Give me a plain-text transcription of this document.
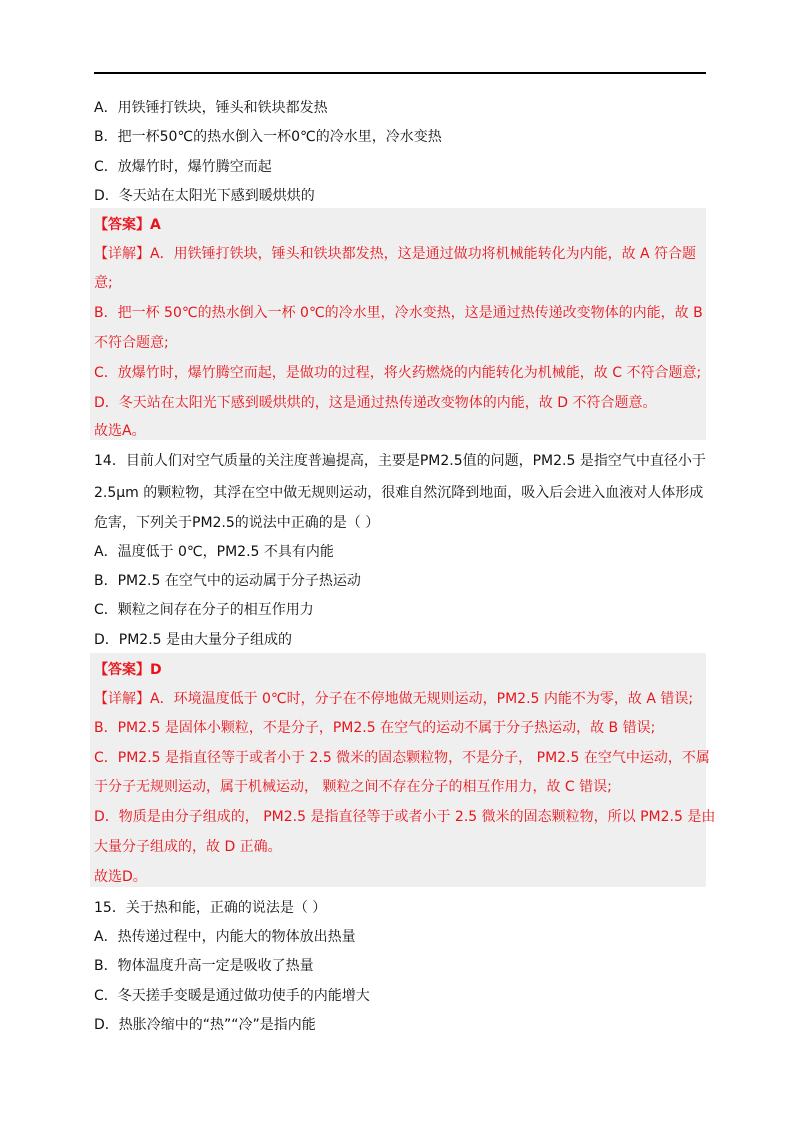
A．用铁锤打铁块，锤头和铁块都发热
B．把一杯50℃的热水倒入一杯0℃的冷水里，冷水变热
C．放爆竹时，爆竹腾空而起
D．冬天站在太阳光下感到暖烘烘的
【答案】A
【详解】A．用铁锤打铁块，锤头和铁块都发热，这是通过做功将机械能转化为内能，故 A 符合题
意;
B．把一杯 50℃的热水倒入一杯 0℃的冷水里，冷水变热，这是通过热传递改变物体的内能，故 B
不符合题意;
C．放爆竹时，爆竹腾空而起，是做功的过程，将火药燃烧的内能转化为机械能，故 C 不符合题意;
D．冬天站在太阳光下感到暖烘烘的，这是通过热传递改变物体的内能，故 D 不符合题意。
故选A。
14．目前人们对空气质量的关注度普遍提高，主要是PM2.5值的问题，PM2.5 是指空气中直径小于
2.5μm 的颗粒物，其浮在空中做无规则运动，很难自然沉降到地面，吸入后会进入血液对人体形成
危害，下列关于PM2.5的说法中正确的是（ ）
A．温度低于 0℃，PM2.5 不具有内能
B．PM2.5 在空气中的运动属于分子热运动
C．颗粒之间存在分子的相互作用力
D．PM2.5 是由大量分子组成的
【答案】D
【详解】A．环境温度低于 0℃时，分子在不停地做无规则运动，PM2.5 内能不为零，故 A 错误;
B．PM2.5 是固体小颗粒，不是分子，PM2.5 在空气的运动不属于分子热运动，故 B 错误;
C．PM2.5 是指直径等于或者小于 2.5 微米的固态颗粒物，不是分子， PM2.5 在空气中运动，不属
于分子无规则运动，属于机械运动， 颗粒之间不存在分子的相互作用力，故 C 错误;
D．物质是由分子组成的， PM2.5 是指直径等于或者小于 2.5 微米的固态颗粒物，所以 PM2.5 是由
大量分子组成的，故 D 正确。
故选D。
15．关于热和能，正确的说法是（ ）
A．热传递过程中，内能大的物体放出热量
B．物体温度升高一定是吸收了热量
C．冬天搓手变暖是通过做功使手的内能增大
D．热胀冷缩中的“热”“冷”是指内能
